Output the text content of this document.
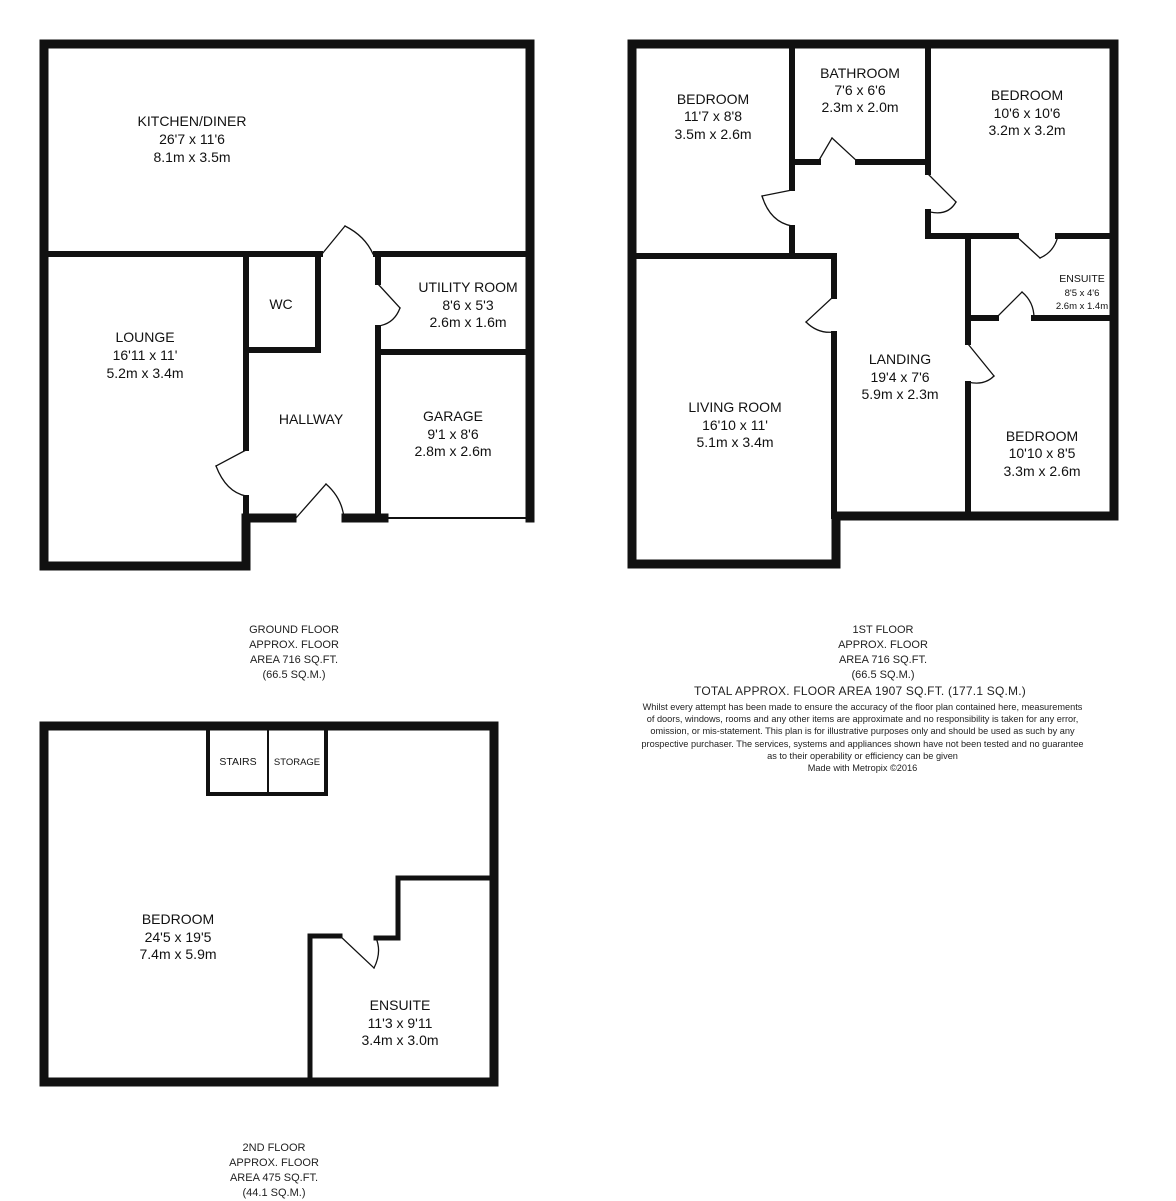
KITCHEN/DINER
26'7 x 11'6
8.1m x 3.5m
LOUNGE
16'11 x 11'
5.2m x 3.4m
WC
HALLWAY
UTILITY ROOM
8'6 x 5'3
2.6m x 1.6m
GARAGE
9'1 x 8'6
2.8m x 2.6m
BEDROOM
11'7 x 8'8
3.5m x 2.6m
BATHROOM
7'6 x 6'6
2.3m x 2.0m
BEDROOM
10'6 x 10'6
3.2m x 3.2m
ENSUITE
8'5 x 4'6
2.6m x 1.4m
LIVING ROOM
16'10 x 11'
5.1m x 3.4m
LANDING
19'4 x 7'6
5.9m x 2.3m
BEDROOM
10'10 x 8'5
3.3m x 2.6m
BEDROOM
24'5 x 19'5
7.4m x 5.9m
STAIRS STORAGE
ENSUITE
11'3 x 9'11
3.4m x 3.0m
GROUND FLOOR
APPROX. FLOOR
AREA 716 SQ.FT.
(66.5 SQ.M.)
1ST FLOOR
APPROX. FLOOR
AREA 716 SQ.FT.
(66.5 SQ.M.)
TOTAL APPROX. FLOOR AREA 1907 SQ.FT. (177.1 SQ.M.)
Whilst every attempt has been made to ensure the accuracy of the floor plan contained here, measurements
of doors, windows, rooms and any other items are approximate and no responsibility is taken for any error,
omission, or mis-statement. This plan is for illustrative purposes only and should be used as such by any
prospective purchaser. The services, systems and appliances shown have not been tested and no guarantee
as to their operability or efficiency can be given
Made with Metropix ©2016
2ND FLOOR
APPROX. FLOOR
AREA 475 SQ.FT.
(44.1 SQ.M.)
